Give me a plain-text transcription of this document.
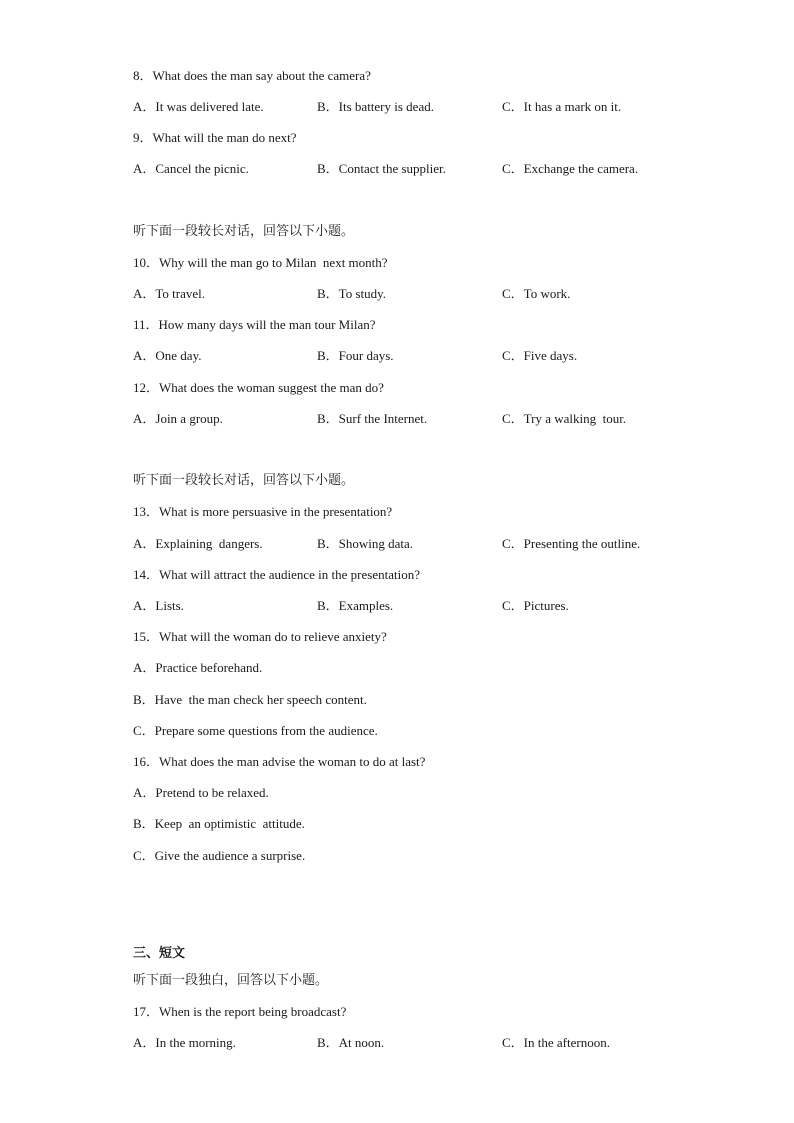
8．What does the man say about the camera?
A．It was delivered late.	B．Its battery is dead.	C．It has a mark on it.
9．What will the man do next?
A．Cancel the picnic.	B．Contact the supplier.	C．Exchange the camera.
听下面一段较长对话，回答以下小题。
10．Why will the man go to Milan  next month?
A．To travel.	B．To study.	C．To work.
11．How many days will the man tour Milan?
A．One day.	B．Four days.	C．Five days.
12．What does the woman suggest the man do?
A．Join a group.	B．Surf the Internet.	C．Try a walking  tour.
听下面一段较长对话，回答以下小题。
13．What is more persuasive in the presentation?
A．Explaining  dangers.	B．Showing data.	C．Presenting the outline.
14．What will attract the audience in the presentation?
A．Lists.	B．Examples.	C．Pictures.
15．What will the woman do to relieve anxiety?
A．Practice beforehand.
B．Have  the man check her speech content.
C．Prepare some questions from the audience.
16．What does the man advise the woman to do at last?
A．Pretend to be relaxed.
B．Keep  an optimistic  attitude.
C．Give the audience a surprise.
三、短文
听下面一段独白，回答以下小题。
17．When is the report being broadcast?
A．In the morning.	B．At noon.	C．In the afternoon.
